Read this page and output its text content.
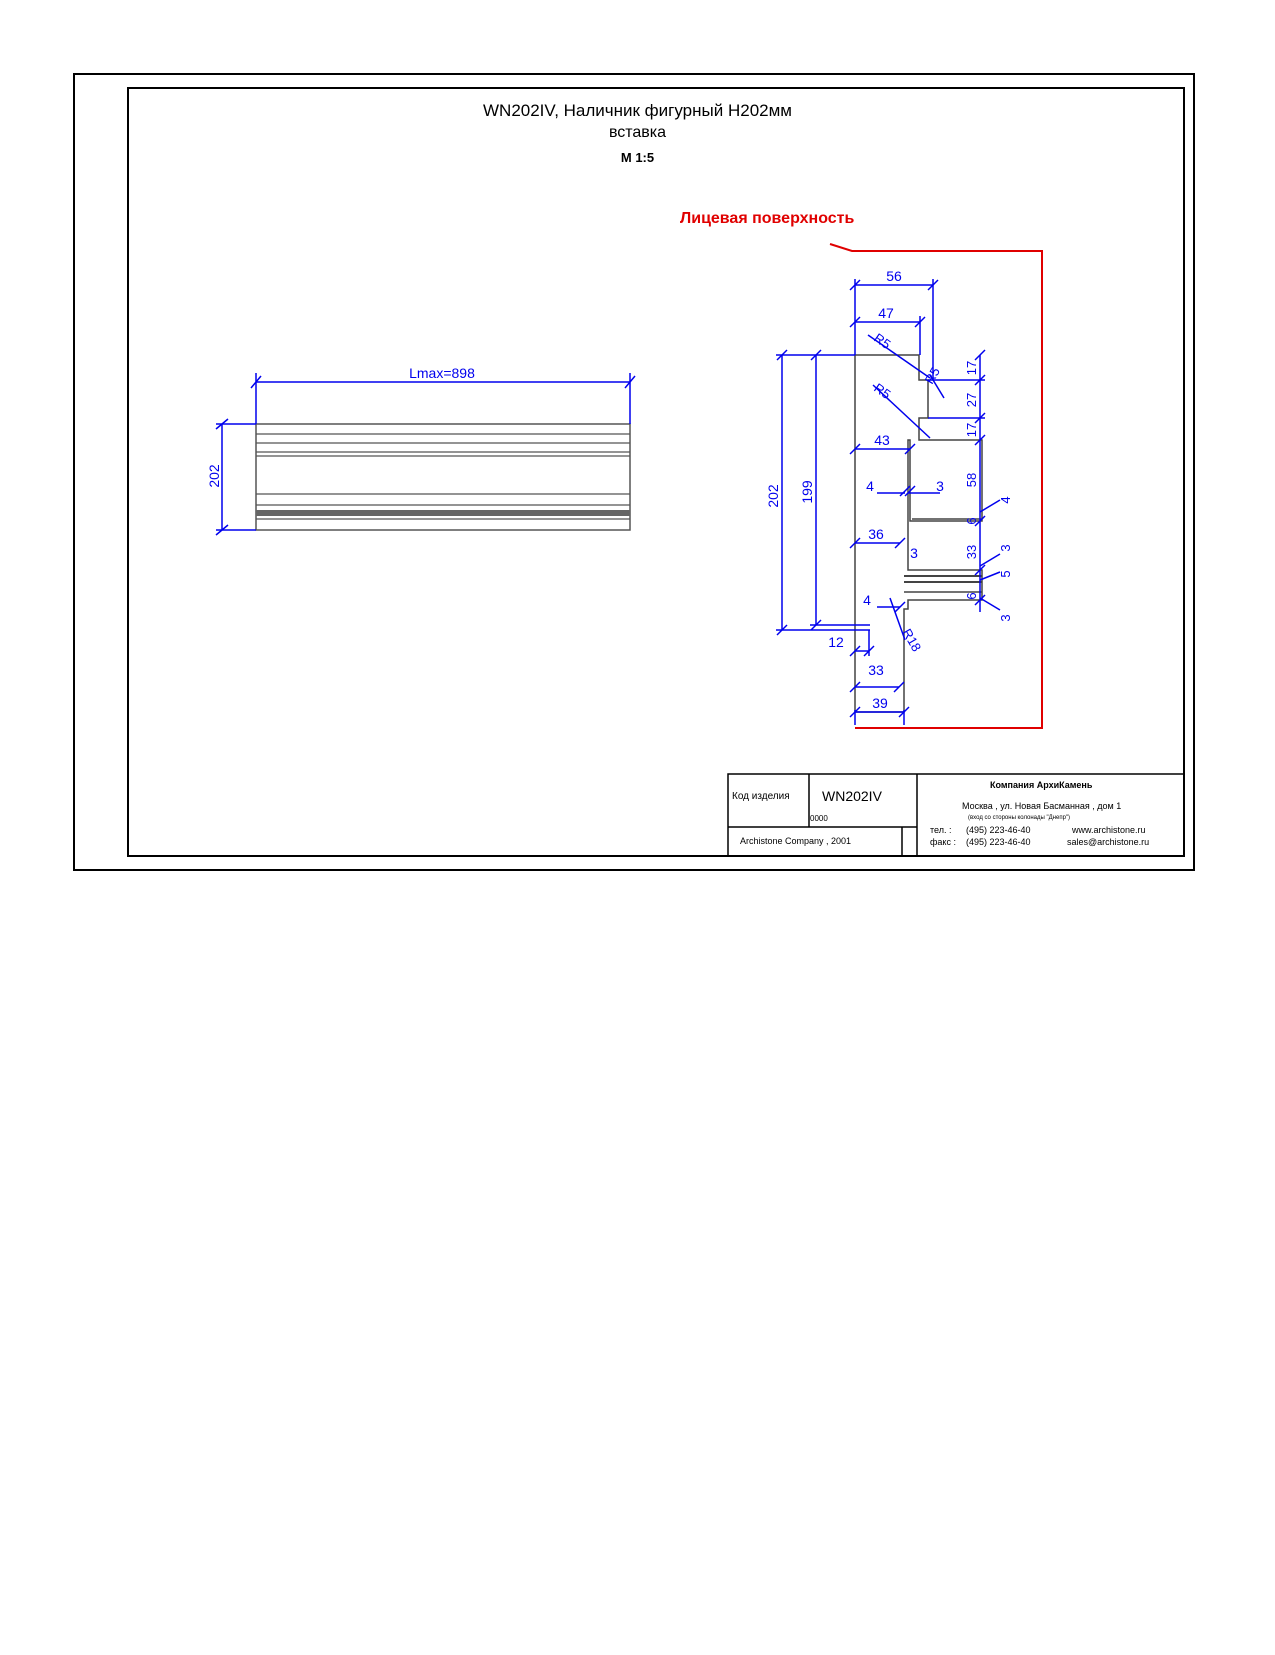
Lmax=898
202
56
47
R5
R5
R5
R18
202 199
17
27
17
58
6
4
33 3
5
6
3
43
36
4	3
3
4
12
33
39
WN202IV, Наличник фигурный H202мм
вставка
М 1:5
Лицевая поверхность
Код изделия WN202IV
0000
Archistone Company , 2001
Компания АрхиКамень
Москва , ул. Новая Басманная , дом 1
(вход со стороны колонады "Днепр")
тел. : (495) 223-46-40
факс : (495) 223-46-40
www.archistone.ru
sales@archistone.ru
